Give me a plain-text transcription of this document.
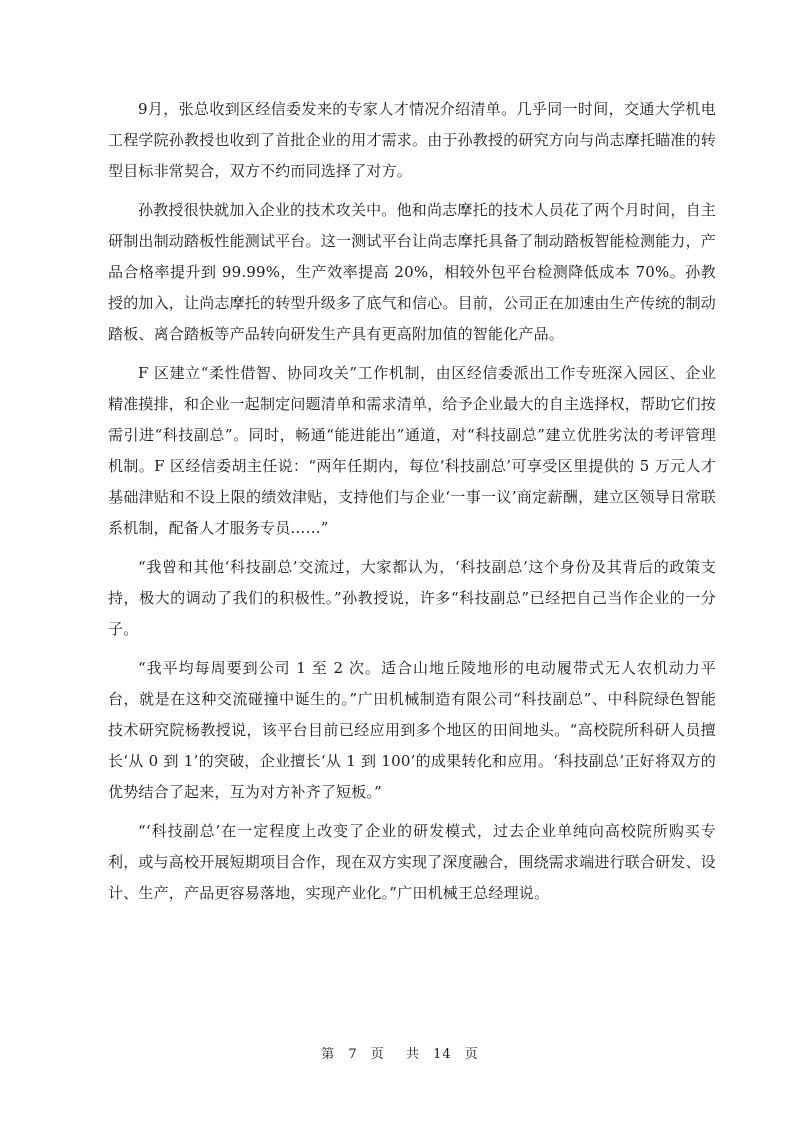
9月，张总收到区经信委发来的专家人才情况介绍清单。几乎同一时间，交通大学机电工程学院孙教授也收到了首批企业的用才需求。由于孙教授的研究方向与尚志摩托瞄准的转型目标非常契合，双方不约而同选择了对方。

孙教授很快就加入企业的技术攻关中。他和尚志摩托的技术人员花了两个月时间，自主研制出制动踏板性能测试平台。这一测试平台让尚志摩托具备了制动踏板智能检测能力，产品合格率提升到 99.99%，生产效率提高 20%，相较外包平台检测降低成本 70%。孙教授的加入，让尚志摩托的转型升级多了底气和信心。目前，公司正在加速由生产传统的制动踏板、离合踏板等产品转向研发生产具有更高附加值的智能化产品。

F 区建立“柔性借智、协同攻关”工作机制，由区经信委派出工作专班深入园区、企业精准摸排，和企业一起制定问题清单和需求清单，给予企业最大的自主选择权，帮助它们按需引进“科技副总”。同时，畅通“能进能出”通道，对“科技副总”建立优胜劣汰的考评管理机制。F 区经信委胡主任说：“两年任期内，每位‘科技副总’可享受区里提供的 5 万元人才基础津贴和不设上限的绩效津贴，支持他们与企业‘一事一议’商定薪酬，建立区领导日常联系机制，配备人才服务专员……”

“我曾和其他‘科技副总’交流过，大家都认为，‘科技副总’这个身份及其背后的政策支持，极大的调动了我们的积极性。”孙教授说，许多“科技副总”已经把自己当作企业的一分子。

“我平均每周要到公司 1 至 2 次。适合山地丘陵地形的电动履带式无人农机动力平台，就是在这种交流碰撞中诞生的。”广田机械制造有限公司“科技副总”、中科院绿色智能技术研究院杨教授说，该平台目前已经应用到多个地区的田间地头。“高校院所科研人员擅长‘从 0 到 1’的突破，企业擅长‘从 1 到 100’的成果转化和应用。‘科技副总’正好将双方的优势结合了起来，互为对方补齐了短板。”

“‘科技副总’在一定程度上改变了企业的研发模式，过去企业单纯向高校院所购买专利，或与高校开展短期项目合作，现在双方实现了深度融合，围绕需求端进行联合研发、设计、生产，产品更容易落地，实现产业化。”广田机械王总经理说。

第 7 页 共 14 页
